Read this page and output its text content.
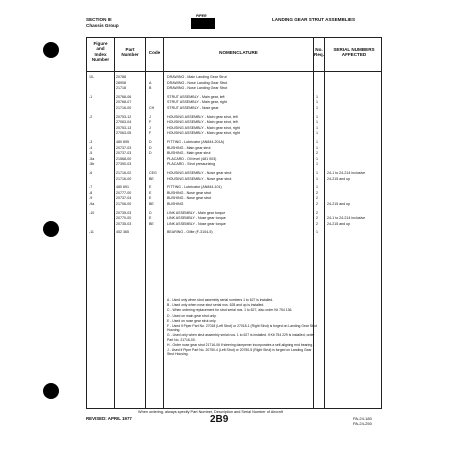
SECTION III
Chassis Group
PIPER
LANDING GEAR STRUT ASSEMBLIES
Figure
and
Index
Number
Part
Number	Code	NOMENCLATURE
No.
Req.
SERIAL NUMBERS
AFFECTED
10-	20788	DRAWING - Main Landing Gear Strut
28908	A	DRAWING - Nose Landing Gear Strut
21718	B	DRAWING - Nose Landing Gear Strut
-1	20768-06	STRUT ASSEMBLY - Main gear, left	1
20768-07	STRUT ASSEMBLY - Main gear, right	1
21716-00	CH	STRUT ASSEMBLY - Nose gear	1
-2	20753-12	J	HOUSING ASSEMBLY - Main gear strut, left	1
27063-04	F	HOUSING ASSEMBLY - Main gear strut, left	1
20753-13	J	HOUSING ASSEMBLY - Main gear strut, right	1
27063-05	F	HOUSING ASSEMBLY - Main gear strut, right	1
-3	480 895	D	FITTING - Lubricator (AN844-201A)	1
-4	20737-03	D	BUSHING - Main gear strut	1
-5	20737-03	D	BUSHING - Main gear strut	2
-5a	21568-00	PLACARD - Oil level (481 003)	1
-5b	27390-03	PLACARD - Strut pressurizing	1
-6	21716-02	CEG	HOUSING ASSEMBLY - Nose gear strut	1	24-1 to 24-214 inclusive
21716-00	BE	HOUSING ASSEMBLY - Nose gear strut	1	24-215 and up
-7	480 691	E	FITTING - Lubricator (AN844-101)	1
-8	20777-00	E	BUSHING - Nose gear strut	2
-9	20737-04	E	BUSHING - Nose gear strut	2
-9a	21706-00	BE	BUSHING	2	24-215 and up
-10	20735-03	D	LINK ASSEMBLY - Main gear torque	2
20770-00	E	LINK ASSEMBLY - Nose gear torque	2	24-1 to 24-214 inclusive
20735-03	BE	LINK ASSEMBLY - Nose gear torque	2	24-215 and up
-11	452 365	BEARING - Oilite (F-3104-5)	1
A - Used only when strut assembly serial numbers 1 to 627 is installed.
B - Used only when nose strut serial nos. 628 and up is installed.
C - When ordering replacement for strut serial nos. 1 to 627, also order Kit 754 136.
D - Used on main gear strut only.
E - Used on nose gear strut only.
F - Used if Piper Part No. 27018 (Left Strut) or 27018-1 (Right Strut) is forged on Landing Gear Strut Housing.
G - Used only when strut assembly serial nos. 1 to 627 is installed. If Kit 754 229 is installed, order Part No. 21716-00.
H - Order nose gear strut 21716-06 if steering dampener incorporates a self-aligning end bearing.
J - Used if Piper Part No. 20750-4 (Left Strut) or 20750-5 (Right Strut) is forged on Landing Gear Strut Housing.
When ordering, always specify Part Number, Description and Serial Number of Aircraft
REVISED: APRIL 1977	2B9	PA-24-180
PA-24-250
